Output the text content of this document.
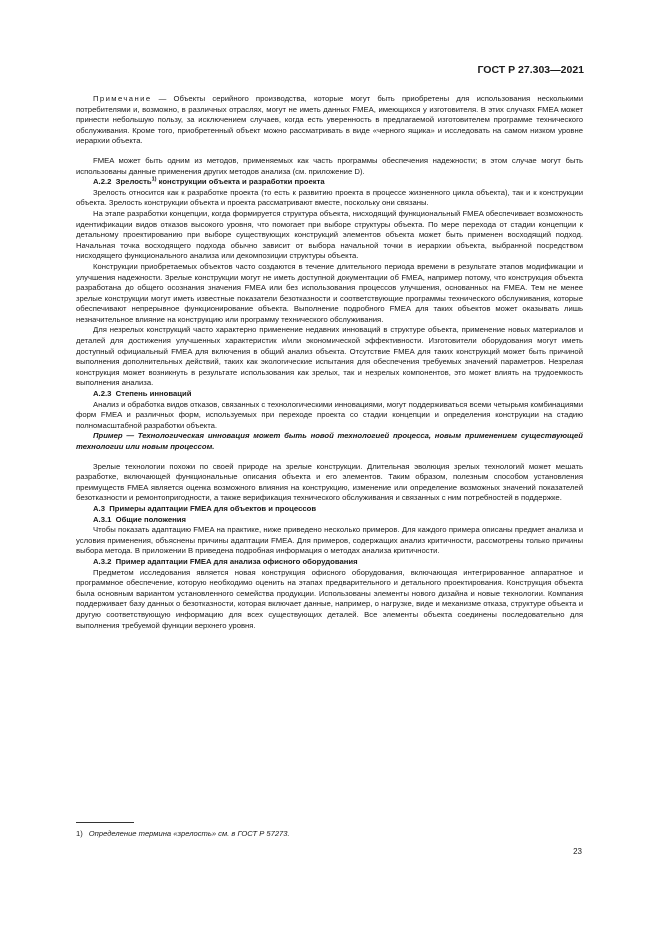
ГОСТ Р 27.303—2021

Примечание — Объекты серийного производства, которые могут быть приобретены для использования несколькими потребителями и, возможно, в различных отраслях, могут не иметь данных FMEA, имеющихся у изготовителя. В этих случаях FMEA может принести небольшую пользу, за исключением случаев, когда есть уверенность в предлагаемой изготовителем программе технического обслуживания. Кроме того, приобретенный объект можно рассматривать в виде «черного ящика» и исследовать на самом низком уровне иерархии объекта.

FMEA может быть одним из методов, применяемых как часть программы обеспечения надежности; в этом случае могут быть использованы данные применения других методов анализа (см. приложение D).

А.2.2 Зрелость$^{1)}$ конструкции объекта и разработки проекта

Зрелость относится как к разработке проекта (то есть к развитию проекта в процессе жизненного цикла объекта), так и к конструкции объекта. Зрелость конструкции объекта и проекта рассматривают вместе, поскольку они связаны.

На этапе разработки концепции, когда формируется структура объекта, нисходящий функциональный FMEA обеспечивает возможность идентификации видов отказов высокого уровня, что помогает при выборе структуры объекта. По мере перехода от стадии концепции к детальному проектированию при выборе существующих конструкций элементов объекта может быть применен восходящий подход. Начальная точка восходящего подхода обычно зависит от выбора начальной точки в иерархии объекта, выбранной посредством нисходящего функционального анализа или декомпозиции структуры объекта.

Конструкции приобретаемых объектов часто создаются в течение длительного периода времени в результате этапов модификации и улучшения надежности. Зрелые конструкции могут не иметь доступной документации об FMEA, например потому, что конструкция объекта разработана до общего осознания значения FMEA или без использования процессов улучшения, основанных на FMEA. Тем не менее зрелые конструкции могут иметь известные показатели безотказности и соответствующие программы технического обслуживания, которые обеспечивают непрерывное функционирование объекта. Выполнение подробного FMEA для таких объектов может оказывать лишь незначительное влияние на конструкцию или программу технического обслуживания.

Для незрелых конструкций часто характерно применение недавних инноваций в структуре объекта, применение новых материалов и деталей для достижения улучшенных характеристик и/или экономической эффективности. Изготовители оборудования могут иметь доступный официальный FMEA для включения в общий анализ объекта. Отсутствие FMEA для таких конструкций может быть причиной выполнения дополнительных действий, таких как экологические испытания для обеспечения требуемых значений параметров. Незрелая конструкция может возникнуть в результате использования как зрелых, так и незрелых компонентов, это может влиять на трудоемкость выполнения анализа.

А.2.3 Степень инноваций

Анализ и обработка видов отказов, связанных с технологическими инновациями, могут поддерживаться всеми четырьмя комбинациями форм FMEA и различных форм, используемых при переходе проекта со стадии концепции и определения конструкции на стадию полномасштабной разработки объекта.

Пример — Технологическая инновация может быть новой технологией процесса, новым применением существующей технологии или новым процессом.

Зрелые технологии похожи по своей природе на зрелые конструкции. Длительная эволюция зрелых технологий может мешать разработке, включающей функциональные описания объекта и его элементов. Таким образом, полезным способом установления преимуществ FMEA является оценка возможного влияния на конструкцию, изменение или определение возможных значений показателей безотказности и ремонтопригодности, а также верификация технического обслуживания и связанных с ним потребностей в поддержке.

А.3 Примеры адаптации FMEA для объектов и процессов

А.3.1 Общие положения

Чтобы показать адаптацию FMEA на практике, ниже приведено несколько примеров. Для каждого примера описаны предмет анализа и условия применения, объяснены причины адаптации FMEA. Для примеров, содержащих анализ критичности, рассмотрены только причины выбора метода. В приложении В приведена подробная информация о методах анализа критичности.

А.3.2 Пример адаптации FMEA для анализа офисного оборудования

Предметом исследования является новая конструкция офисного оборудования, включающая интегрированное аппаратное и программное обеспечение, которую необходимо оценить на этапах предварительного и детального проектирования. Конструкция объекта была основным вариантом установленного семейства продукции. Использованы элементы нового дизайна и новые технологии. Компания поддерживает базу данных о безотказности, которая включает данные, например, о нагрузке, виде и механизме отказа, структуре объекта и другую соответствующую информацию для всех существующих деталей. Все элементы объекта соединены последовательно для выполнения требуемой функции верхнего уровня.

1) Определение термина «зрелость» см. в ГОСТ Р 57273.
23
